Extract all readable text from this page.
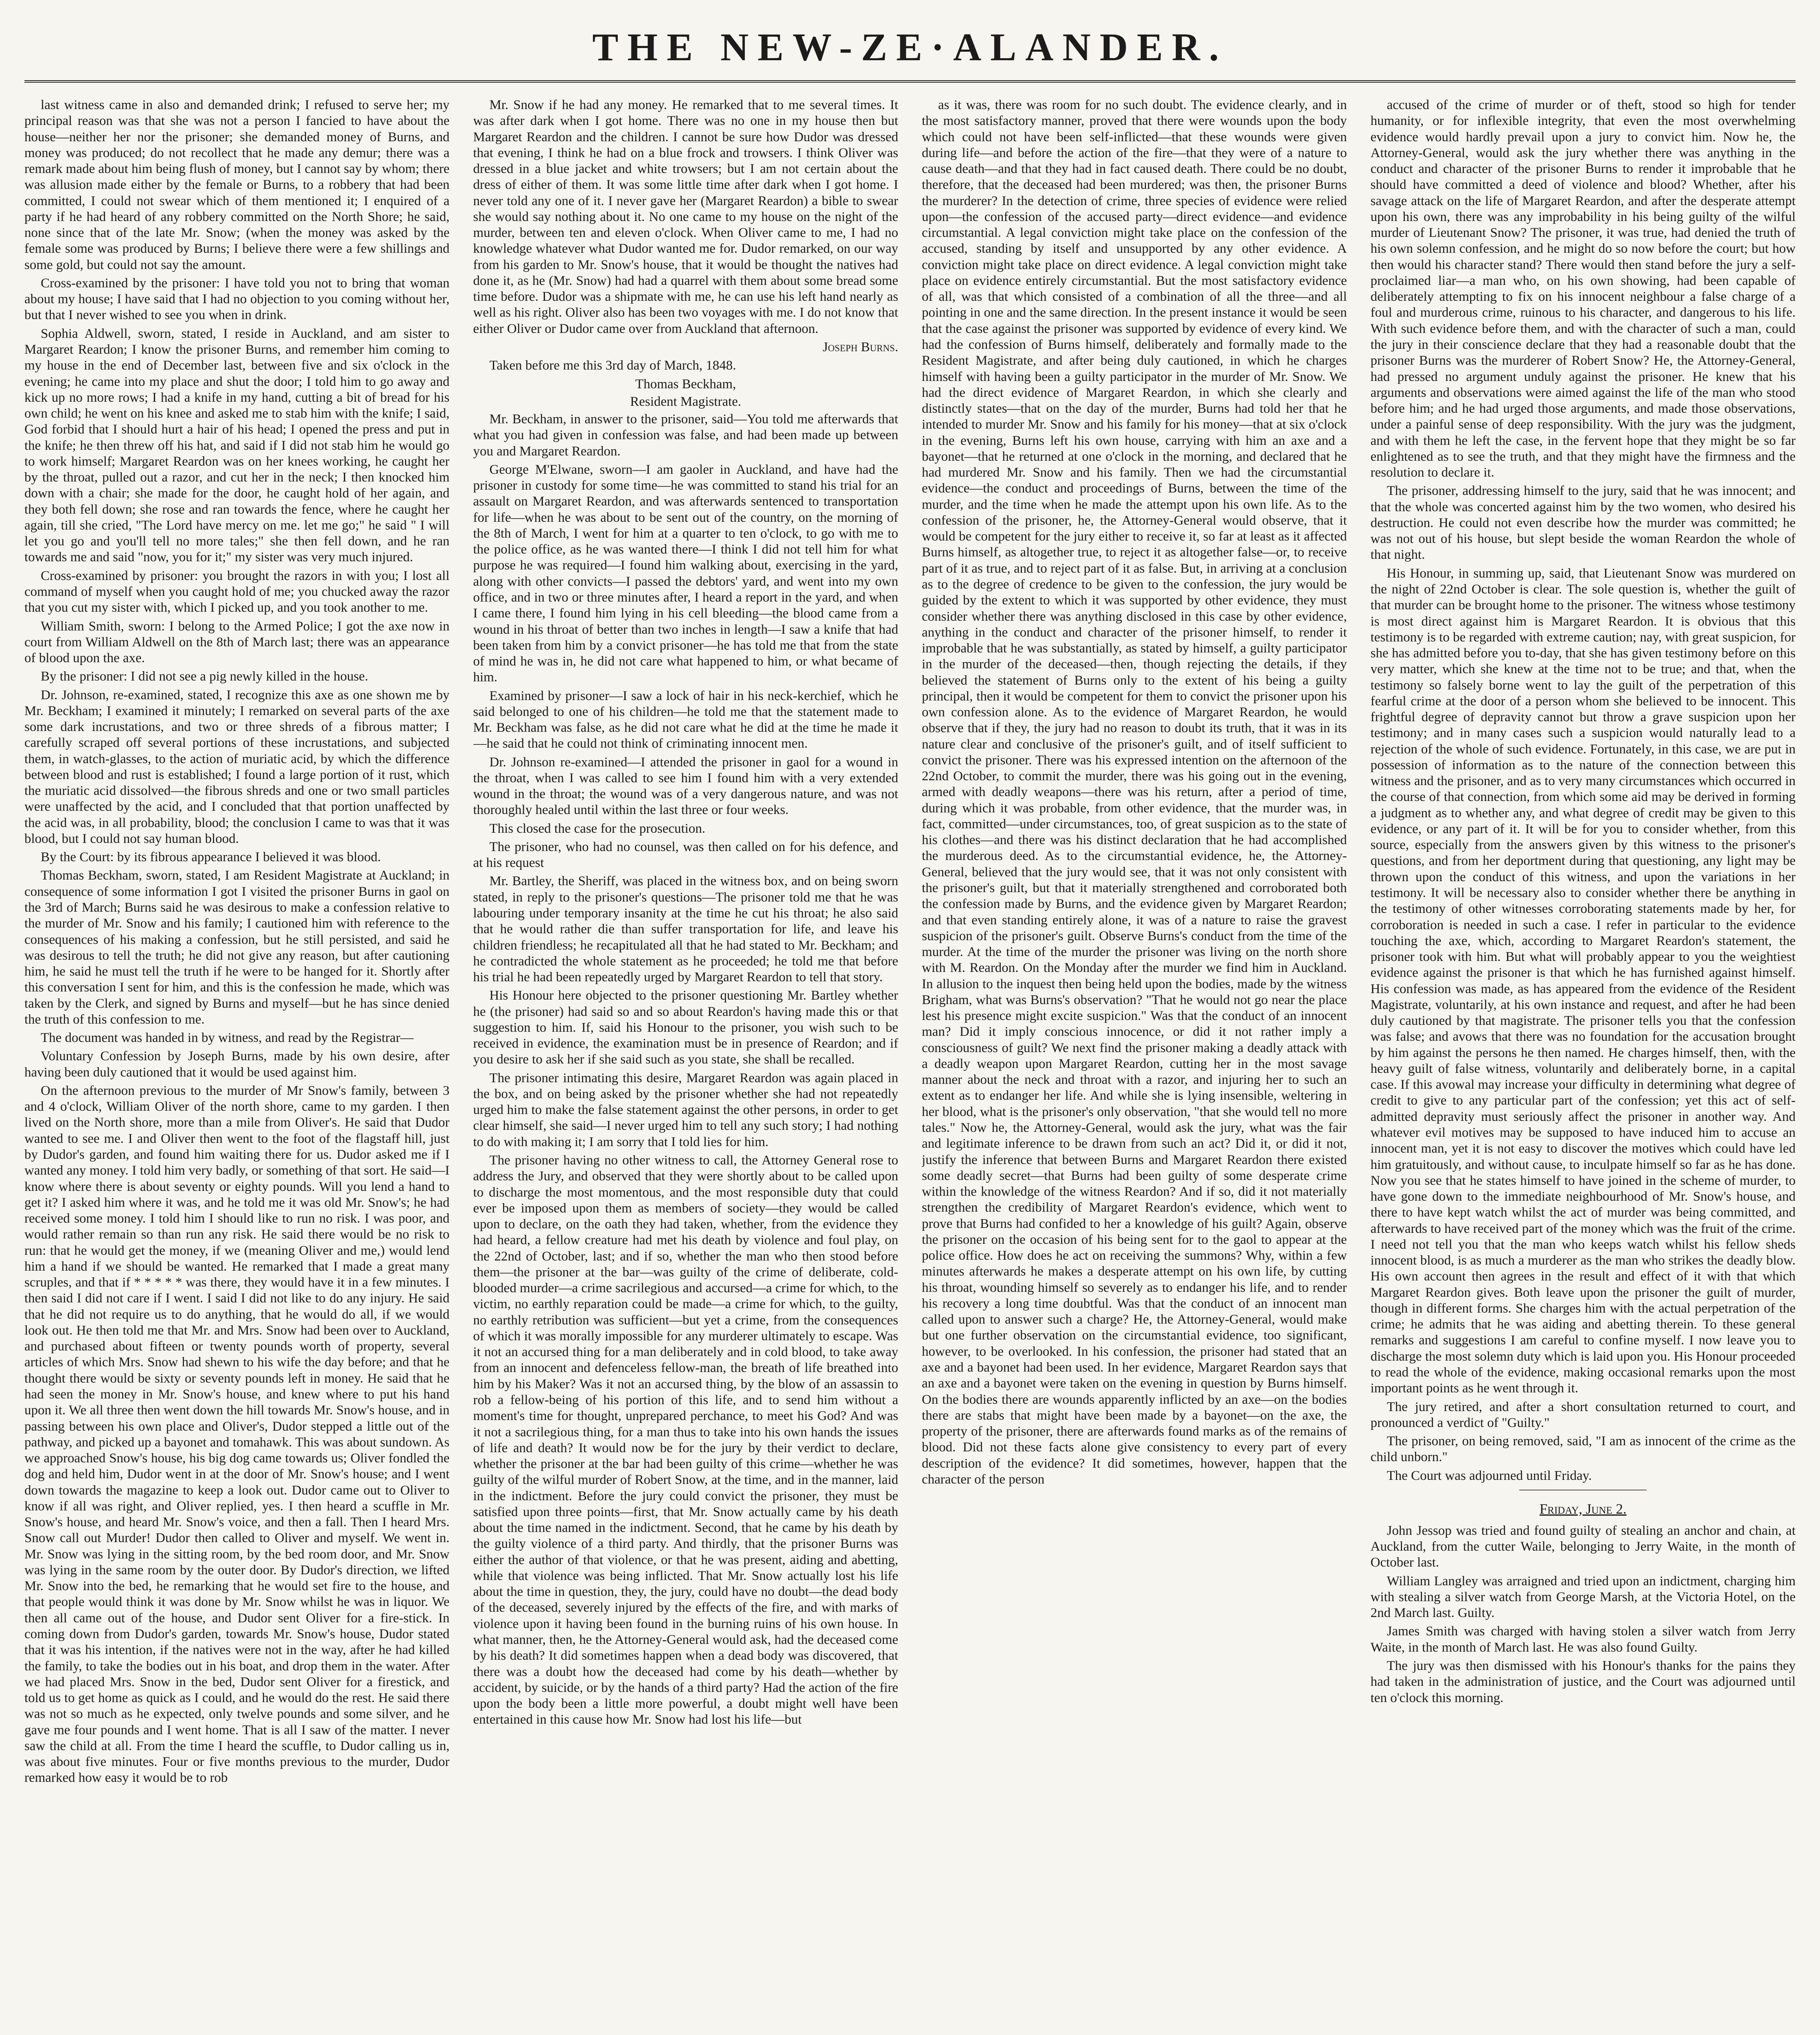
THE NEW-ZE·ALANDER.

last witness came in also and demanded drink; I refused to serve her; my principal reason was that she was not a person I fancied to have about the house—neither her nor the prisoner; she demanded money of Burns, and money was produced; do not recollect that he made any demur; there was a remark made about him being flush of money, but I cannot say by whom; there was allusion made either by the female or Burns, to a robbery that had been committed, I could not swear which of them mentioned it; I enquired of a party if he had heard of any robbery committed on the North Shore; he said, none since that of the late Mr. Snow; (when the money was asked by the female some was produced by Burns; I believe there were a few shillings and some gold, but could not say the amount.

Cross-examined by the prisoner: I have told you not to bring that woman about my house; I have said that I had no objection to you coming without her, but that I never wished to see you when in drink.

Sophia Aldwell, sworn, stated, I reside in Auckland, and am sister to Margaret Reardon; I know the prisoner Burns, and remember him coming to my house in the end of December last, between five and six o'clock in the evening; he came into my place and shut the door; I told him to go away and kick up no more rows; I had a knife in my hand, cutting a bit of bread for his own child; he went on his knee and asked me to stab him with the knife; I said, God forbid that I should hurt a hair of his head; I opened the press and put in the knife; he then threw off his hat, and said if I did not stab him he would go to work himself; Margaret Reardon was on her knees working, he caught her by the throat, pulled out a razor, and cut her in the neck; I then knocked him down with a chair; she made for the door, he caught hold of her again, and they both fell down; she rose and ran towards the fence, where he caught her again, till she cried, "The Lord have mercy on me. let me go;" he said " I will let you go and you'll tell no more tales;" she then fell down, and he ran towards me and said "now, you for it;" my sister was very much injured.

Cross-examined by prisoner: you brought the razors in with you; I lost all command of myself when you caught hold of me; you chucked away the razor that you cut my sister with, which I picked up, and you took another to me.

William Smith, sworn: I belong to the Armed Police; I got the axe now in court from William Aldwell on the 8th of March last; there was an appearance of blood upon the axe.

By the prisoner: I did not see a pig newly killed in the house.

Dr. Johnson, re-examined, stated, I recognize this axe as one shown me by Mr. Beckham; I examined it minutely; I remarked on several parts of the axe some dark incrustations, and two or three shreds of a fibrous matter; I carefully scraped off several portions of these incrustations, and subjected them, in watch-glasses, to the action of muriatic acid, by which the difference between blood and rust is established; I found a large portion of it rust, which the muriatic acid dissolved—the fibrous shreds and one or two small particles were unaffected by the acid, and I concluded that that portion unaffected by the acid was, in all probability, blood; the conclusion I came to was that it was blood, but I could not say human blood.

By the Court: by its fibrous appearance I believed it was blood.

Thomas Beckham, sworn, stated, I am Resident Magistrate at Auckland; in consequence of some information I got I visited the prisoner Burns in gaol on the 3rd of March; Burns said he was desirous to make a confession relative to the murder of Mr. Snow and his family; I cautioned him with reference to the consequences of his making a confession, but he still persisted, and said he was desirous to tell the truth; he did not give any reason, but after cautioning him, he said he must tell the truth if he were to be hanged for it. Shortly after this conversation I sent for him, and this is the confession he made, which was taken by the Clerk, and signed by Burns and myself—but he has since denied the truth of this confession to me.

The document was handed in by witness, and read by the Registrar—

Voluntary Confession by Joseph Burns, made by his own desire, after having been duly cautioned that it would be used against him.

On the afternoon previous to the murder of Mr Snow's family, between 3 and 4 o'clock, William Oliver of the north shore, came to my garden. I then lived on the North shore, more than a mile from Oliver's. He said that Dudor wanted to see me. I and Oliver then went to the foot of the flagstaff hill, just by Dudor's garden, and found him waiting there for us. Dudor asked me if I wanted any money. I told him very badly, or something of that sort. He said—I know where there is about seventy or eighty pounds. Will you lend a hand to get it? I asked him where it was, and he told me it was old Mr. Snow's; he had received some money. I told him I should like to run no risk. I was poor, and would rather remain so than run any risk. He said there would be no risk to run: that he would get the money, if we (meaning Oliver and me,) would lend him a hand if we should be wanted. He remarked that I made a great many scruples, and that if * * * * * was there, they would have it in a few minutes. I then said I did not care if I went. I said I did not like to do any injury. He said that he did not require us to do anything, that he would do all, if we would look out. He then told me that Mr. and Mrs. Snow had been over to Auckland, and purchased about fifteen or twenty pounds worth of property, several articles of which Mrs. Snow had shewn to his wife the day before; and that he thought there would be sixty or seventy pounds left in money. He said that he had seen the money in Mr. Snow's house, and knew where to put his hand upon it. We all three then went down the hill towards Mr. Snow's house, and in passing between his own place and Oliver's, Dudor stepped a little out of the pathway, and picked up a bayonet and tomahawk. This was about sundown. As we approached Snow's house, his big dog came towards us; Oliver fondled the dog and held him, Dudor went in at the door of Mr. Snow's house; and I went down towards the magazine to keep a look out. Dudor came out to Oliver to know if all was right, and Oliver replied, yes. I then heard a scuffle in Mr. Snow's house, and heard Mr. Snow's voice, and then a fall. Then I heard Mrs. Snow call out Murder! Dudor then called to Oliver and myself. We went in. Mr. Snow was lying in the sitting room, by the bed room door, and Mr. Snow was lying in the same room by the outer door. By Dudor's direction, we lifted Mr. Snow into the bed, he remarking that he would set fire to the house, and that people would think it was done by Mr. Snow whilst he was in liquor. We then all came out of the house, and Dudor sent Oliver for a fire-stick. In coming down from Dudor's garden, towards Mr. Snow's house, Dudor stated that it was his intention, if the natives were not in the way, after he had killed the family, to take the bodies out in his boat, and drop them in the water. After we had placed Mrs. Snow in the bed, Dudor sent Oliver for a firestick, and told us to get home as quick as I could, and he would do the rest. He said there was not so much as he expected, only twelve pounds and some silver, and he gave me four pounds and I went home. That is all I saw of the matter. I never saw the child at all. From the time I heard the scuffle, to Dudor calling us in, was about five minutes. Four or five months previous to the murder, Dudor remarked how easy it would be to rob

Mr. Snow if he had any money. He remarked that to me several times. It was after dark when I got home. There was no one in my house then but Margaret Reardon and the children. I cannot be sure how Dudor was dressed that evening, I think he had on a blue frock and trowsers. I think Oliver was dressed in a blue jacket and white trowsers; but I am not certain about the dress of either of them. It was some little time after dark when I got home. I never told any one of it. I never gave her (Margaret Reardon) a bible to swear she would say nothing about it. No one came to my house on the night of the murder, between ten and eleven o'clock. When Oliver came to me, I had no knowledge whatever what Dudor wanted me for. Dudor remarked, on our way from his garden to Mr. Snow's house, that it would be thought the natives had done it, as he (Mr. Snow) had had a quarrel with them about some bread some time before. Dudor was a shipmate with me, he can use his left hand nearly as well as his right. Oliver also has been two voyages with me. I do not know that either Oliver or Dudor came over from Auckland that afternoon.

Joseph Burns.

Taken before me this 3rd day of March, 1848.

Thomas Beckham,

Resident Magistrate.

Mr. Beckham, in answer to the prisoner, said—You told me afterwards that what you had given in confession was false, and had been made up between you and Margaret Reardon.

George M'Elwane, sworn—I am gaoler in Auckland, and have had the prisoner in custody for some time—he was committed to stand his trial for an assault on Margaret Reardon, and was afterwards sentenced to transportation for life—when he was about to be sent out of the country, on the morning of the 8th of March, I went for him at a quarter to ten o'clock, to go with me to the police office, as he was wanted there—I think I did not tell him for what purpose he was required—I found him walking about, exercising in the yard, along with other convicts—I passed the debtors' yard, and went into my own office, and in two or three minutes after, I heard a report in the yard, and when I came there, I found him lying in his cell bleeding—the blood came from a wound in his throat of better than two inches in length—I saw a knife that had been taken from him by a convict prisoner—he has told me that from the state of mind he was in, he did not care what happened to him, or what became of him.

Examined by prisoner—I saw a lock of hair in his neck-kerchief, which he said belonged to one of his children—he told me that the statement made to Mr. Beckham was false, as he did not care what he did at the time he made it—he said that he could not think of criminating innocent men.

Dr. Johnson re-examined—I attended the prisoner in gaol for a wound in the throat, when I was called to see him I found him with a very extended wound in the throat; the wound was of a very dangerous nature, and was not thoroughly healed until within the last three or four weeks.

This closed the case for the prosecution.

The prisoner, who had no counsel, was then called on for his defence, and at his request

Mr. Bartley, the Sheriff, was placed in the witness box, and on being sworn stated, in reply to the prisoner's questions—The prisoner told me that he was labouring under temporary insanity at the time he cut his throat; he also said that he would rather die than suffer transportation for life, and leave his children friendless; he recapitulated all that he had stated to Mr. Beckham; and he contradicted the whole statement as he proceeded; he told me that before his trial he had been repeatedly urged by Margaret Reardon to tell that story.

His Honour here objected to the prisoner questioning Mr. Bartley whether he (the prisoner) had said so and so about Reardon's having made this or that suggestion to him. If, said his Honour to the prisoner, you wish such to be received in evidence, the examination must be in presence of Reardon; and if you desire to ask her if she said such as you state, she shall be recalled.

The prisoner intimating this desire, Margaret Reardon was again placed in the box, and on being asked by the prisoner whether she had not repeatedly urged him to make the false statement against the other persons, in order to get clear himself, she said—I never urged him to tell any such story; I had nothing to do with making it; I am sorry that I told lies for him.

The prisoner having no other witness to call, the Attorney General rose to address the Jury, and observed that they were shortly about to be called upon to discharge the most momentous, and the most responsible duty that could ever be imposed upon them as members of society—they would be called upon to declare, on the oath they had taken, whether, from the evidence they had heard, a fellow creature had met his death by violence and foul play, on the 22nd of October, last; and if so, whether the man who then stood before them—the prisoner at the bar—was guilty of the crime of deliberate, cold-blooded murder—a crime sacrilegious and accursed—a crime for which, to the victim, no earthly reparation could be made—a crime for which, to the guilty, no earthly retribution was sufficient—but yet a crime, from the consequences of which it was morally impossible for any murderer ultimately to escape. Was it not an accursed thing for a man deliberately and in cold blood, to take away from an innocent and defenceless fellow-man, the breath of life breathed into him by his Maker? Was it not an accursed thing, by the blow of an assassin to rob a fellow-being of his portion of this life, and to send him without a moment's time for thought, unprepared perchance, to meet his God? And was it not a sacrilegious thing, for a man thus to take into his own hands the issues of life and death? It would now be for the jury by their verdict to declare, whether the prisoner at the bar had been guilty of this crime—whether he was guilty of the wilful murder of Robert Snow, at the time, and in the manner, laid in the indictment. Before the jury could convict the prisoner, they must be satisfied upon three points—first, that Mr. Snow actually came by his death about the time named in the indictment. Second, that he came by his death by the guilty violence of a third party. And thirdly, that the prisoner Burns was either the author of that violence, or that he was present, aiding and abetting, while that violence was being inflicted. That Mr. Snow actually lost his life about the time in question, they, the jury, could have no doubt—the dead body of the deceased, severely injured by the effects of the fire, and with marks of violence upon it having been found in the burning ruins of his own house. In what manner, then, he the Attorney-General would ask, had the deceased come by his death? It did sometimes happen when a dead body was discovered, that there was a doubt how the deceased had come by his death—whether by accident, by suicide, or by the hands of a third party? Had the action of the fire upon the body been a little more powerful, a doubt might well have been entertained in this cause how Mr. Snow had lost his life—but

as it was, there was room for no such doubt. The evidence clearly, and in the most satisfactory manner, proved that there were wounds upon the body which could not have been self-inflicted—that these wounds were given during life—and before the action of the fire—that they were of a nature to cause death—and that they had in fact caused death. There could be no doubt, therefore, that the deceased had been murdered; was then, the prisoner Burns the murderer? In the detection of crime, three species of evidence were relied upon—the confession of the accused party—direct evidence—and evidence circumstantial. A legal conviction might take place on the confession of the accused, standing by itself and unsupported by any other evidence. A conviction might take place on direct evidence. A legal conviction might take place on evidence entirely circumstantial. But the most satisfactory evidence of all, was that which consisted of a combination of all the three—and all pointing in one and the same direction. In the present instance it would be seen that the case against the prisoner was supported by evidence of every kind. We had the confession of Burns himself, deliberately and formally made to the Resident Magistrate, and after being duly cautioned, in which he charges himself with having been a guilty participator in the murder of Mr. Snow. We had the direct evidence of Margaret Reardon, in which she clearly and distinctly states—that on the day of the murder, Burns had told her that he intended to murder Mr. Snow and his family for his money—that at six o'clock in the evening, Burns left his own house, carrying with him an axe and a bayonet—that he returned at one o'clock in the morning, and declared that he had murdered Mr. Snow and his family. Then we had the circumstantial evidence—the conduct and proceedings of Burns, between the time of the murder, and the time when he made the attempt upon his own life. As to the confession of the prisoner, he, the Attorney-General would observe, that it would be competent for the jury either to receive it, so far at least as it affected Burns himself, as altogether true, to reject it as altogether false—or, to receive part of it as true, and to reject part of it as false. But, in arriving at a conclusion as to the degree of credence to be given to the confession, the jury would be guided by the extent to which it was supported by other evidence, they must consider whether there was anything disclosed in this case by other evidence, anything in the conduct and character of the prisoner himself, to render it improbable that he was substantially, as stated by himself, a guilty participator in the murder of the deceased—then, though rejecting the details, if they believed the statement of Burns only to the extent of his being a guilty principal, then it would be competent for them to convict the prisoner upon his own confession alone. As to the evidence of Margaret Reardon, he would observe that if they, the jury had no reason to doubt its truth, that it was in its nature clear and conclusive of the prisoner's guilt, and of itself sufficient to convict the prisoner. There was his expressed intention on the afternoon of the 22nd October, to commit the murder, there was his going out in the evening, armed with deadly weapons—there was his return, after a period of time, during which it was probable, from other evidence, that the murder was, in fact, committed—under circumstances, too, of great suspicion as to the state of his clothes—and there was his distinct declaration that he had accomplished the murderous deed. As to the circumstantial evidence, he, the Attorney-General, believed that the jury would see, that it was not only consistent with the prisoner's guilt, but that it materially strengthened and corroborated both the confession made by Burns, and the evidence given by Margaret Reardon; and that even standing entirely alone, it was of a nature to raise the gravest suspicion of the prisoner's guilt. Observe Burns's conduct from the time of the murder. At the time of the murder the prisoner was living on the north shore with M. Reardon. On the Monday after the murder we find him in Auckland. In allusion to the inquest then being held upon the bodies, made by the witness Brigham, what was Burns's observation? "That he would not go near the place lest his presence might excite suspicion." Was that the conduct of an innocent man? Did it imply conscious innocence, or did it not rather imply a consciousness of guilt? We next find the prisoner making a deadly attack with a deadly weapon upon Margaret Reardon, cutting her in the most savage manner about the neck and throat with a razor, and injuring her to such an extent as to endanger her life. And while she is lying insensible, weltering in her blood, what is the prisoner's only observation, "that she would tell no more tales." Now he, the Attorney-General, would ask the jury, what was the fair and legitimate inference to be drawn from such an act? Did it, or did it not, justify the inference that between Burns and Margaret Reardon there existed some deadly secret—that Burns had been guilty of some desperate crime within the knowledge of the witness Reardon? And if so, did it not materially strengthen the credibility of Margaret Reardon's evidence, which went to prove that Burns had confided to her a knowledge of his guilt? Again, observe the prisoner on the occasion of his being sent for to the gaol to appear at the police office. How does he act on receiving the summons? Why, within a few minutes afterwards he makes a desperate attempt on his own life, by cutting his throat, wounding himself so severely as to endanger his life, and to render his recovery a long time doubtful. Was that the conduct of an innocent man called upon to answer such a charge? He, the Attorney-General, would make but one further observation on the circumstantial evidence, too significant, however, to be overlooked. In his confession, the prisoner had stated that an axe and a bayonet had been used. In her evidence, Margaret Reardon says that an axe and a bayonet were taken on the evening in question by Burns himself. On the bodies there are wounds apparently inflicted by an axe—on the bodies there are stabs that might have been made by a bayonet—on the axe, the property of the prisoner, there are afterwards found marks as of the remains of blood. Did not these facts alone give consistency to every part of every description of the evidence? It did sometimes, however, happen that the character of the person

accused of the crime of murder or of theft, stood so high for tender humanity, or for inflexible integrity, that even the most overwhelming evidence would hardly prevail upon a jury to convict him. Now he, the Attorney-General, would ask the jury whether there was anything in the conduct and character of the prisoner Burns to render it improbable that he should have committed a deed of violence and blood? Whether, after his savage attack on the life of Margaret Reardon, and after the desperate attempt upon his own, there was any improbability in his being guilty of the wilful murder of Lieutenant Snow? The prisoner, it was true, had denied the truth of his own solemn confession, and he might do so now before the court; but how then would his character stand? There would then stand before the jury a self-proclaimed liar—a man who, on his own showing, had been capable of deliberately attempting to fix on his innocent neighbour a false charge of a foul and murderous crime, ruinous to his character, and dangerous to his life. With such evidence before them, and with the character of such a man, could the jury in their conscience declare that they had a reasonable doubt that the prisoner Burns was the murderer of Robert Snow? He, the Attorney-General, had pressed no argument unduly against the prisoner. He knew that his arguments and observations were aimed against the life of the man who stood before him; and he had urged those arguments, and made those observations, under a painful sense of deep responsibility. With the jury was the judgment, and with them he left the case, in the fervent hope that they might be so far enlightened as to see the truth, and that they might have the firmness and the resolution to declare it.

The prisoner, addressing himself to the jury, said that he was innocent; and that the whole was concerted against him by the two women, who desired his destruction. He could not even describe how the murder was committed; he was not out of his house, but slept beside the woman Reardon the whole of that night.

His Honour, in summing up, said, that Lieutenant Snow was murdered on the night of 22nd October is clear. The sole question is, whether the guilt of that murder can be brought home to the prisoner. The witness whose testimony is most direct against him is Margaret Reardon. It is obvious that this testimony is to be regarded with extreme caution; nay, with great suspicion, for she has admitted before you to-day, that she has given testimony before on this very matter, which she knew at the time not to be true; and that, when the testimony so falsely borne went to lay the guilt of the perpetration of this fearful crime at the door of a person whom she believed to be innocent. This frightful degree of depravity cannot but throw a grave suspicion upon her testimony; and in many cases such a suspicion would naturally lead to a rejection of the whole of such evidence. Fortunately, in this case, we are put in possession of information as to the nature of the connection between this witness and the prisoner, and as to very many circumstances which occurred in the course of that connection, from which some aid may be derived in forming a judgment as to whether any, and what degree of credit may be given to this evidence, or any part of it. It will be for you to consider whether, from this source, especially from the answers given by this witness to the prisoner's questions, and from her deportment during that questioning, any light may be thrown upon the conduct of this witness, and upon the variations in her testimony. It will be necessary also to consider whether there be anything in the testimony of other witnesses corroborating statements made by her, for corroboration is needed in such a case. I refer in particular to the evidence touching the axe, which, according to Margaret Reardon's statement, the prisoner took with him. But what will probably appear to you the weightiest evidence against the prisoner is that which he has furnished against himself. His confession was made, as has appeared from the evidence of the Resident Magistrate, voluntarily, at his own instance and request, and after he had been duly cautioned by that magistrate. The prisoner tells you that the confession was false; and avows that there was no foundation for the accusation brought by him against the persons he then named. He charges himself, then, with the heavy guilt of false witness, voluntarily and deliberately borne, in a capital case. If this avowal may increase your difficulty in determining what degree of credit to give to any particular part of the confession; yet this act of self-admitted depravity must seriously affect the prisoner in another way. And whatever evil motives may be supposed to have induced him to accuse an innocent man, yet it is not easy to discover the motives which could have led him gratuitously, and without cause, to inculpate himself so far as he has done. Now you see that he states himself to have joined in the scheme of murder, to have gone down to the immediate neighbourhood of Mr. Snow's house, and there to have kept watch whilst the act of murder was being committed, and afterwards to have received part of the money which was the fruit of the crime. I need not tell you that the man who keeps watch whilst his fellow sheds innocent blood, is as much a murderer as the man who strikes the deadly blow. His own account then agrees in the result and effect of it with that which Margaret Reardon gives. Both leave upon the prisoner the guilt of murder, though in different forms. She charges him with the actual perpetration of the crime; he admits that he was aiding and abetting therein. To these general remarks and suggestions I am careful to confine myself. I now leave you to discharge the most solemn duty which is laid upon you. His Honour proceeded to read the whole of the evidence, making occasional remarks upon the most important points as he went through it.

The jury retired, and after a short consultation returned to court, and pronounced a verdict of "Guilty."

The prisoner, on being removed, said, "I am as innocent of the crime as the child unborn."

The Court was adjourned until Friday.

Friday, June 2.

John Jessop was tried and found guilty of stealing an anchor and chain, at Auckland, from the cutter Waile, belonging to Jerry Waite, in the month of October last.

William Langley was arraigned and tried upon an indictment, charging him with stealing a silver watch from George Marsh, at the Victoria Hotel, on the 2nd March last. Guilty.

James Smith was charged with having stolen a silver watch from Jerry Waite, in the month of March last. He was also found Guilty.

The jury was then dismissed with his Honour's thanks for the pains they had taken in the administration of justice, and the Court was adjourned until ten o'clock this morning.
